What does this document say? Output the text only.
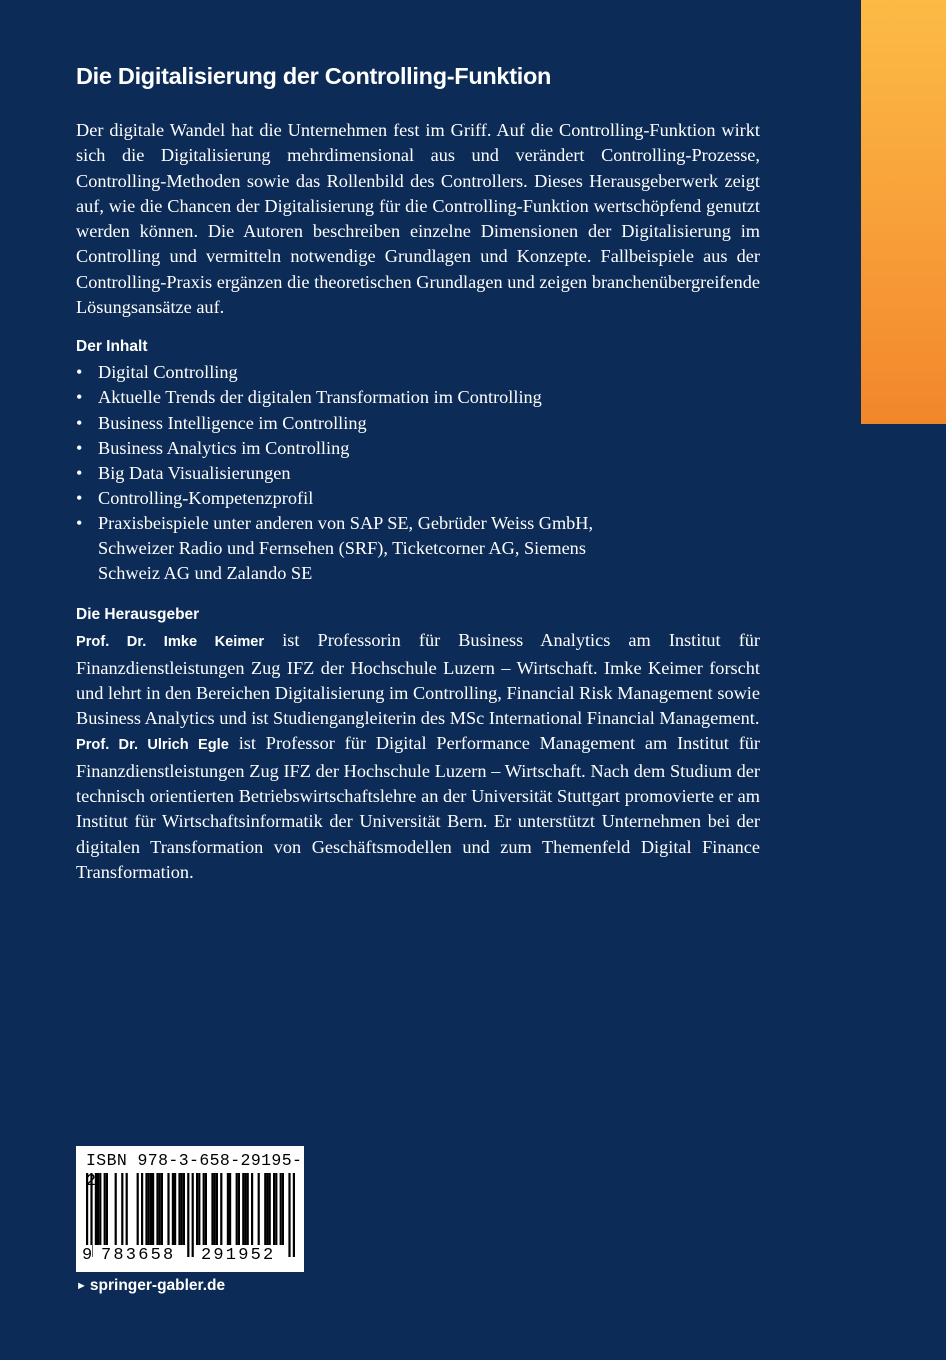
Die Digitalisierung der Controlling-Funktion

Der digitale Wandel hat die Unternehmen fest im Griff. Auf die Controlling-Funktion wirkt sich die Digitalisierung mehrdimensional aus und verändert Controlling-Prozesse, Controlling-Methoden sowie das Rollenbild des Controllers. Dieses Herausgeberwerk zeigt auf, wie die Chancen der Digitalisierung für die Controlling-Funktion wertschöpfend genutzt werden können. Die Autoren beschreiben einzelne Dimensionen der Digitalisierung im Controlling und vermitteln notwendige Grundlagen und Konzepte. Fallbeispiele aus der Controlling-Praxis ergänzen die theoretischen Grundlagen und zeigen branchenübergreifende Lösungsansätze auf.

Der Inhalt
• Digital Controlling
• Aktuelle Trends der digitalen Transformation im Controlling
• Business Intelligence im Controlling
• Business Analytics im Controlling
• Big Data Visualisierungen
• Controlling-Kompetenzprofil
• Praxisbeispiele unter anderen von SAP SE, Gebrüder Weiss GmbH, Schweizer Radio und Fernsehen (SRF), Ticketcorner AG, Siemens Schweiz AG und Zalando SE
Die Herausgeber

Prof. Dr. Imke Keimer ist Professorin für Business Analytics am Institut für Finanzdienstleistungen Zug IFZ der Hochschule Luzern – Wirtschaft. Imke Keimer forscht und lehrt in den Bereichen Digitalisierung im Controlling, Financial Risk Management sowie Business Analytics und ist Studiengangleiterin des MSc International Financial Management.

Prof. Dr. Ulrich Egle ist Professor für Digital Performance Management am Institut für Finanzdienstleistungen Zug IFZ der Hochschule Luzern – Wirtschaft. Nach dem Studium der technisch orientierten Betriebswirtschaftslehre an der Universität Stuttgart promovierte er am Institut für Wirtschaftsinformatik der Universität Bern. Er unterstützt Unternehmen bei der digitalen Transformation von Geschäftsmodellen und zum Themenfeld Digital Finance Transformation.

ISBN 978-3-658-29195-
9 783658 291952
► springer-gabler.de
